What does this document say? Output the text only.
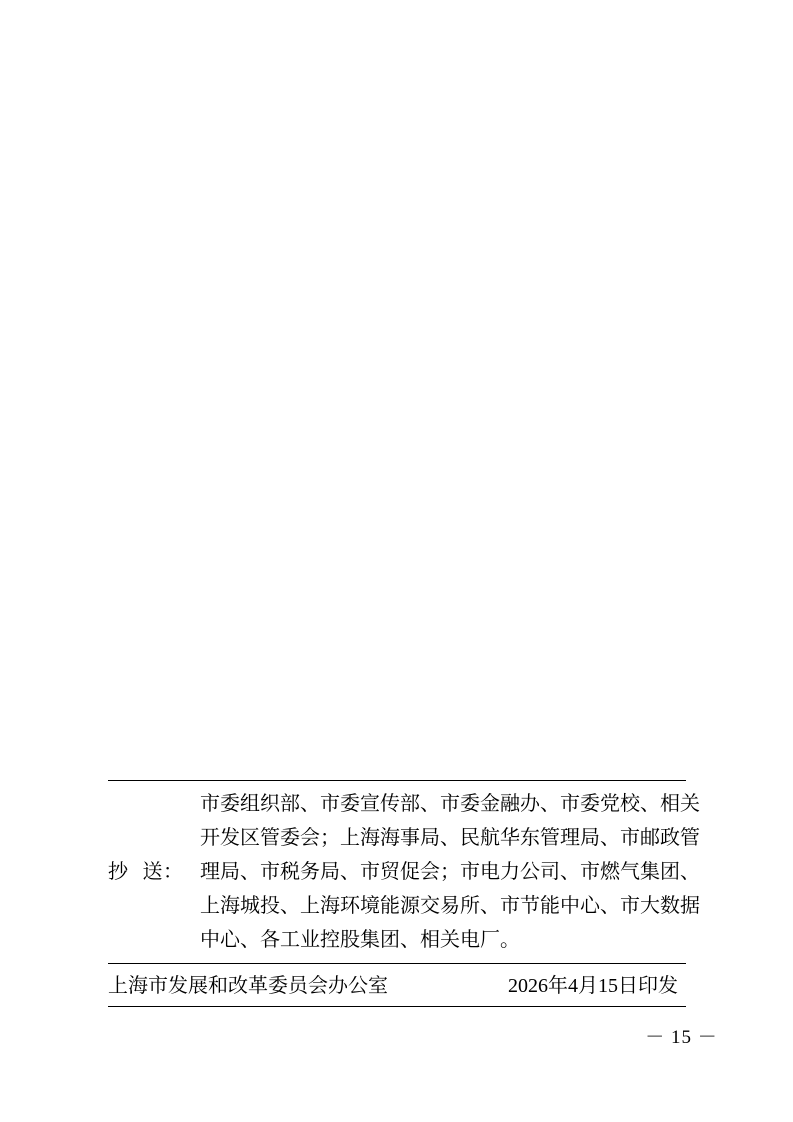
抄 送：
市委组织部、市委宣传部、市委金融办、市委党校、相关
开发区管委会；上海海事局、民航华东管理局、市邮政管
理局、市税务局、市贸促会；市电力公司、市燃气集团、
上海城投、上海环境能源交易所、市节能中心、市大数据
中心、各工业控股集团、相关电厂。
上海市发展和改革委员会办公室	2026年4月15日印发
－ 15 －
